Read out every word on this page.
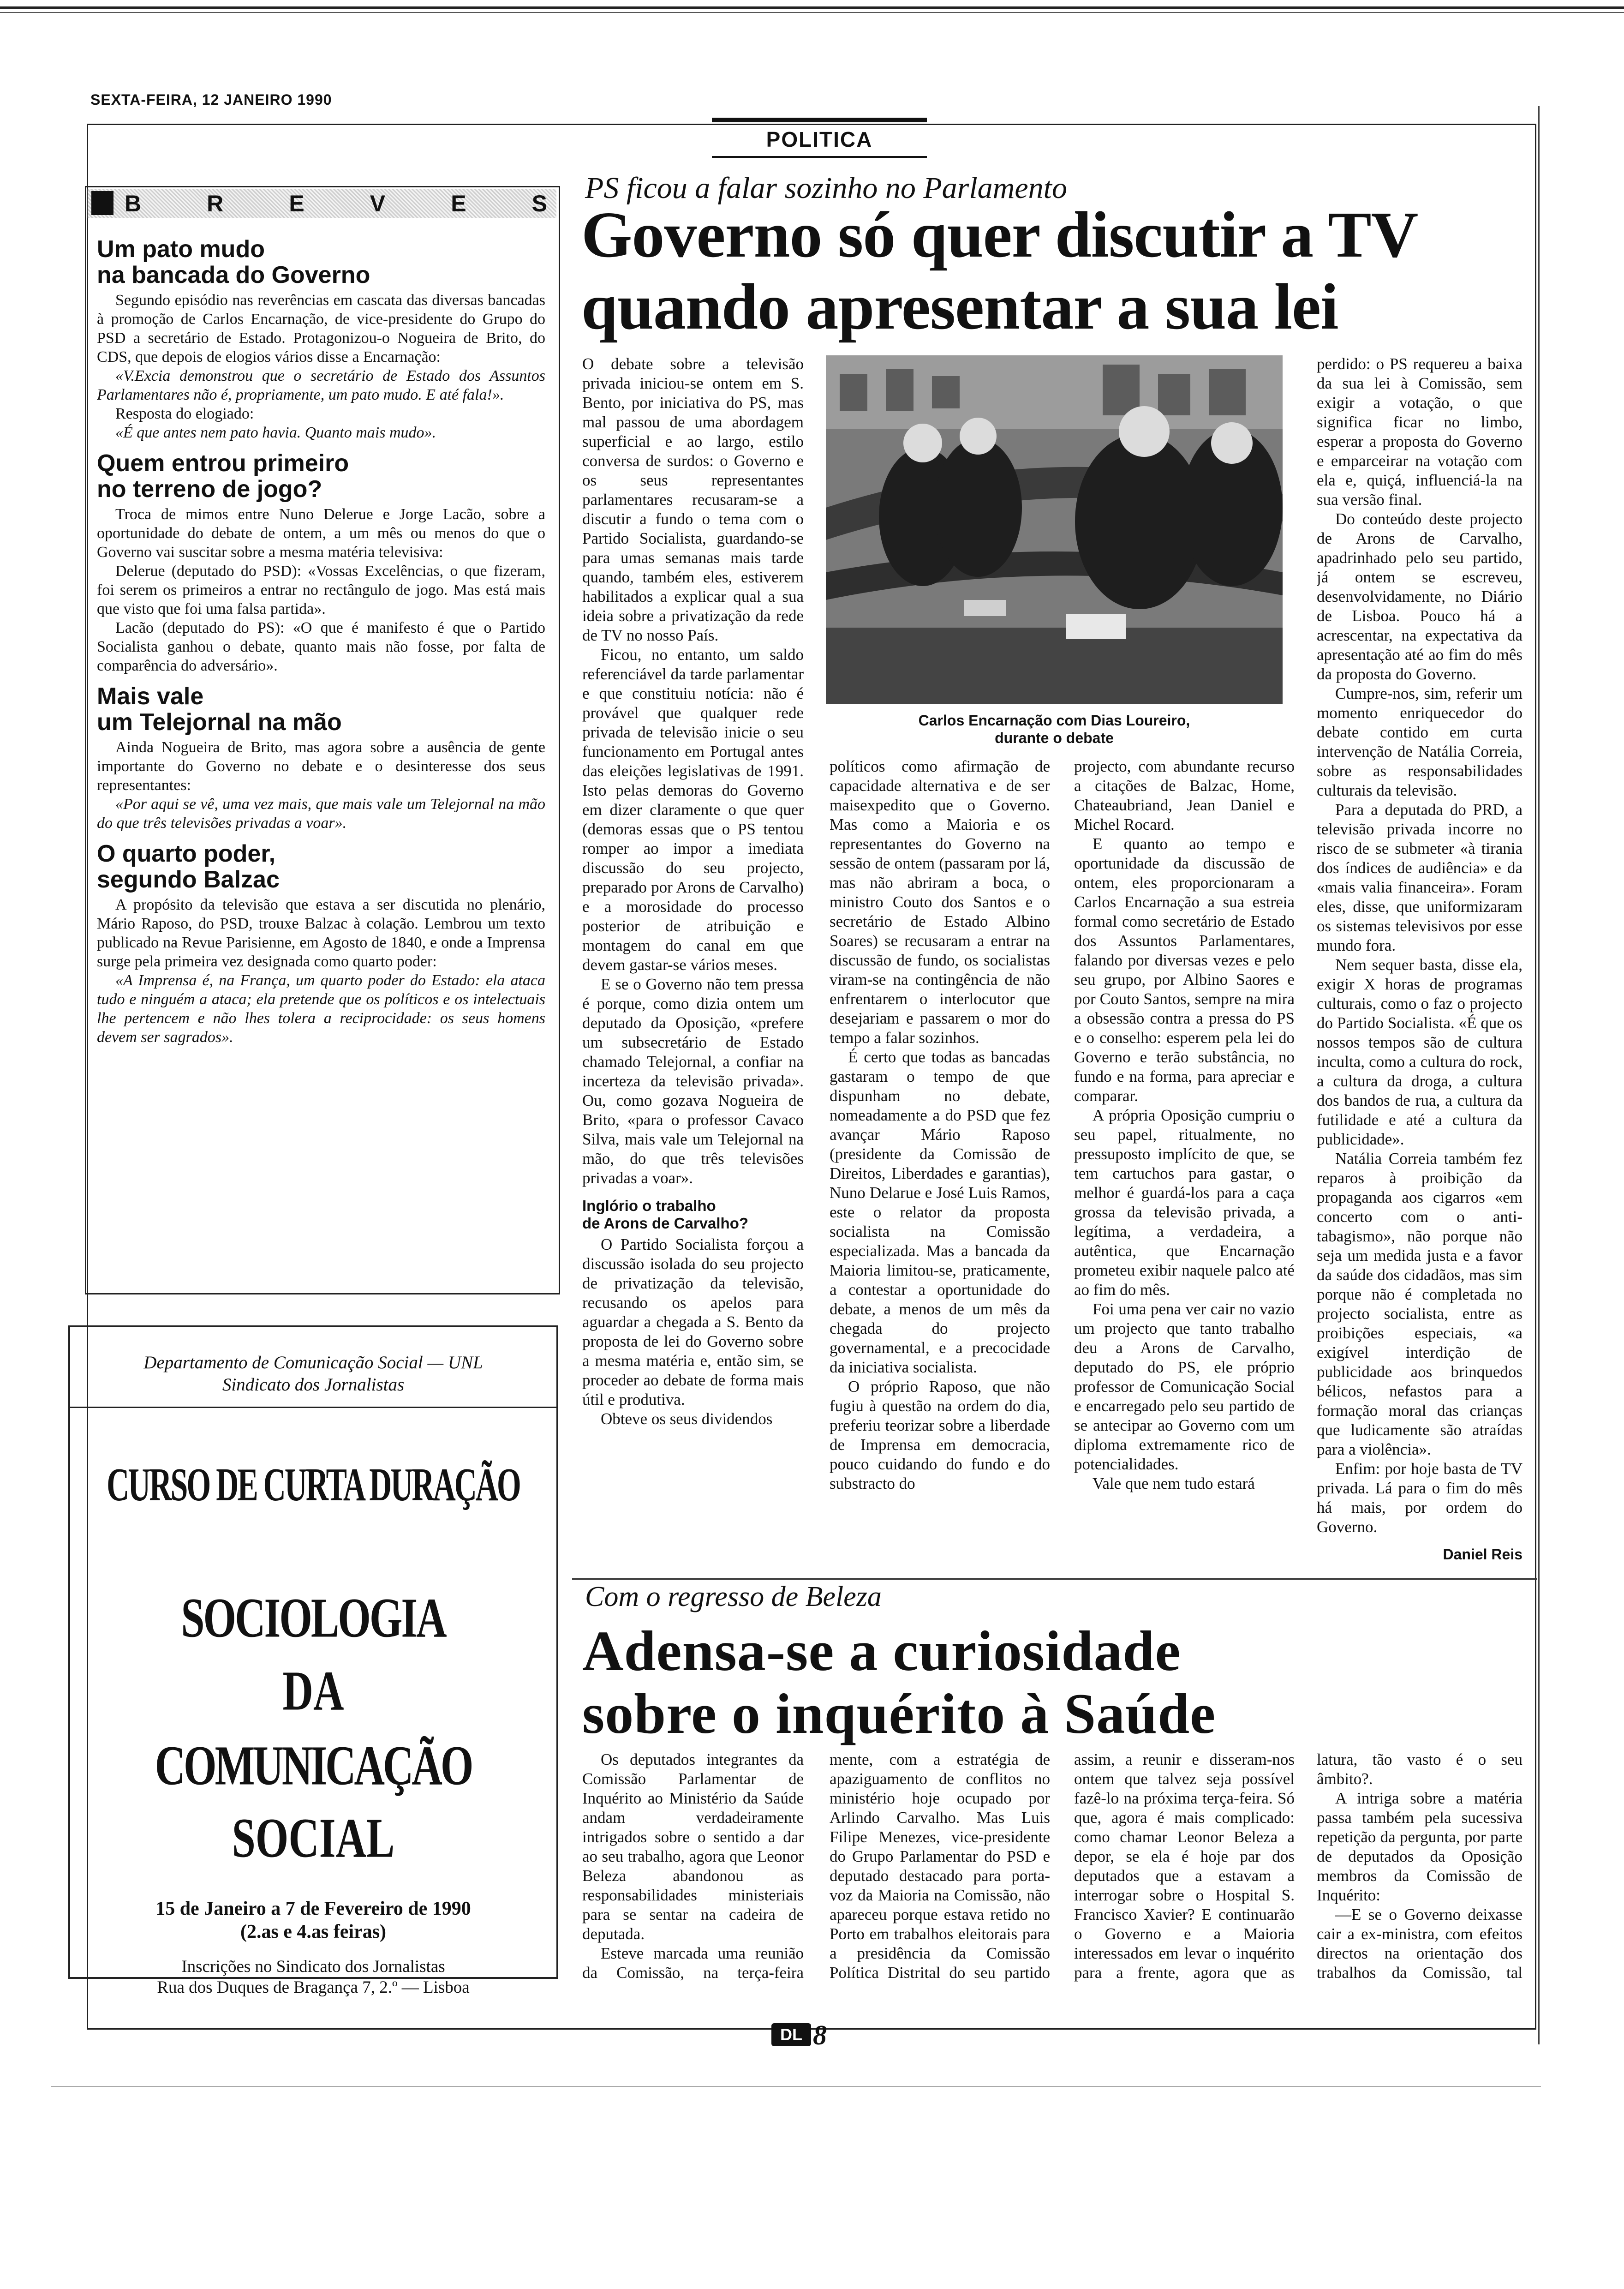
SEXTA-FEIRA, 12 JANEIRO 1990
POLITICA
B	R	E	V	E	S
Um pato mudo
na bancada do Governo

Segundo episódio nas reverências em cascata das diversas bancadas à promoção de Carlos Encarnação, de vice-presidente do Grupo do PSD a secretário de Estado. Protagonizou-o Nogueira de Brito, do CDS, que depois de elogios vários disse a Encarnação:

«V.Excia demonstrou que o secretário de Estado dos Assuntos Parlamentares não é, propriamente, um pato mudo. E até fala!».

Resposta do elogiado:

«É que antes nem pato havia. Quanto mais mudo».

Quem entrou primeiro
no terreno de jogo?

Troca de mimos entre Nuno Delerue e Jorge Lacão, sobre a oportunidade do debate de ontem, a um mês ou menos do que o Governo vai suscitar sobre a mesma matéria televisiva:

Delerue (deputado do PSD): «Vossas Excelências, o que fizeram, foi serem os primeiros a entrar no rectângulo de jogo. Mas está mais que visto que foi uma falsa partida».

Lacão (deputado do PS): «O que é manifesto é que o Partido Socialista ganhou o debate, quanto mais não fosse, por falta de comparência do adversário».

Mais vale
um Telejornal na mão

Ainda Nogueira de Brito, mas agora sobre a ausência de gente importante do Governo no debate e o desinteresse dos seus representantes:

«Por aqui se vê, uma vez mais, que mais vale um Telejornal na mão do que três televisões privadas a voar».

O quarto poder,
segundo Balzac

A propósito da televisão que estava a ser discutida no plenário, Mário Raposo, do PSD, trouxe Balzac à colação. Lembrou um texto publicado na Revue Parisienne, em Agosto de 1840, e onde a Imprensa surge pela primeira vez designada como quarto poder:

«A Imprensa é, na França, um quarto poder do Estado: ela ataca tudo e ninguém a ataca; ela pretende que os políticos e os intelectuais lhe pertencem e não lhes tolera a reciprocidade: os seus homens devem ser sagrados».

Departamento de Comunicação Social — UNL
Sindicato dos Jornalistas
CURSO DE CURTA DURAÇÃO
SOCIOLOGIA
DA
COMUNICAÇÃO
SOCIAL
15 de Janeiro a 7 de Fevereiro de 1990
(2.as e 4.as feiras)
Inscrições no Sindicato dos Jornalistas
Rua dos Duques de Bragança 7, 2.º — Lisboa
PS ficou a falar sozinho no Parlamento
Governo só quer discutir a TV
quando apresentar a sua lei
Carlos Encarnação com Dias Loureiro,
durante o debate

O debate sobre a televisão privada iniciou-se ontem em S. Bento, por iniciativa do PS, mas mal passou de uma abordagem superficial e ao largo, estilo conversa de surdos: o Governo e os seus representantes parlamentares recusaram-se a discutir a fundo o tema com o Partido Socialista, guardando-se para umas semanas mais tarde quando, também eles, estiverem habilitados a explicar qual a sua ideia sobre a privatização da rede de TV no nosso País.

Ficou, no entanto, um saldo referenciável da tarde parlamentar e que constituiu notícia: não é provável que qualquer rede privada de televisão inicie o seu funcionamento em Portugal antes das eleições legislativas de 1991. Isto pelas demoras do Governo em dizer claramente o que quer (demoras essas que o PS tentou romper ao impor a imediata discussão do seu projecto, preparado por Arons de Carvalho) e a morosidade do processo posterior de atribuição e montagem do canal em que devem gastar-se vários meses.

E se o Governo não tem pressa é porque, como dizia ontem um deputado da Oposição, «prefere um subsecretário de Estado chamado Telejornal, a confiar na incerteza da televisão privada». Ou, como gozava Nogueira de Brito, «para o professor Cavaco Silva, mais vale um Telejornal na mão, do que três televisões privadas a voar».

Inglório o trabalho
de Arons de Carvalho?

O Partido Socialista forçou a discussão isolada do seu projecto de privatização da televisão, recusando os apelos para aguardar a chegada a S. Bento da proposta de lei do Governo sobre a mesma matéria e, então sim, se proceder ao debate de forma mais útil e produtiva.

Obteve os seus dividendos

políticos como afirmação de capacidade alternativa e de ser maisexpedito que o Governo. Mas como a Maioria e os representantes do Governo na sessão de ontem (passaram por lá, mas não abriram a boca, o ministro Couto dos Santos e o secretário de Estado Albino Soares) se recusaram a entrar na discussão de fundo, os socialistas viram-se na contingência de não enfrentarem o interlocutor que desejariam e passarem o mor do tempo a falar sozinhos.

É certo que todas as bancadas gastaram o tempo de que dispunham no debate, nomeadamente a do PSD que fez avançar Mário Raposo (presidente da Comissão de Direitos, Liberdades e garantias), Nuno Delarue e José Luis Ramos, este o relator da proposta socialista na Comissão especializada. Mas a bancada da Maioria limitou-se, praticamente, a contestar a oportunidade do debate, a menos de um mês da chegada do projecto governamental, e a precocidade da iniciativa socialista.

O próprio Raposo, que não fugiu à questão na ordem do dia, preferiu teorizar sobre a liberdade de Imprensa em democracia, pouco cuidando do fundo e do substracto do

projecto, com abundante recurso a citações de Balzac, Home, Chateaubriand, Jean Daniel e Michel Rocard.

E quanto ao tempo e oportunidade da discussão de ontem, eles proporcionaram a Carlos Encarnação a sua estreia formal como secretário de Estado dos Assuntos Parlamentares, falando por diversas vezes e pelo seu grupo, por Albino Saores e por Couto Santos, sempre na mira a obsessão contra a pressa do PS e o conselho: esperem pela lei do Governo e terão substância, no fundo e na forma, para apreciar e comparar.

A própria Oposição cumpriu o seu papel, ritualmente, no pressuposto implícito de que, se tem cartuchos para gastar, o melhor é guardá-los para a caça grossa da televisão privada, a legítima, a verdadeira, a autêntica, que Encarnação prometeu exibir naquele palco até ao fim do mês.

Foi uma pena ver cair no vazio um projecto que tanto trabalho deu a Arons de Carvalho, deputado do PS, ele próprio professor de Comunicação Social e encarregado pelo seu partido de se antecipar ao Governo com um diploma extremamente rico de potencialidades.

Vale que nem tudo estará

perdido: o PS requereu a baixa da sua lei à Comissão, sem exigir a votação, o que significa ficar no limbo, esperar a proposta do Governo e emparceirar na votação com ela e, quiçá, influenciá-la na sua versão final.

Do conteúdo deste projecto de Arons de Carvalho, apadrinhado pelo seu partido, já ontem se escreveu, desenvolvidamente, no Diário de Lisboa. Pouco há a acrescentar, na expectativa da apresentação até ao fim do mês da proposta do Governo.

Cumpre-nos, sim, referir um momento enriquecedor do debate contido em curta intervenção de Natália Correia, sobre as responsabilidades culturais da televisão.

Para a deputada do PRD, a televisão privada incorre no risco de se submeter «à tirania dos índices de audiência» e da «mais valia financeira». Foram eles, disse, que uniformizaram os sistemas televisivos por esse mundo fora.

Nem sequer basta, disse ela, exigir X horas de programas culturais, como o faz o projecto do Partido Socialista. «É que os nossos tempos são de cultura inculta, como a cultura do rock, a cultura da droga, a cultura dos bandos de rua, a cultura da futilidade e até a cultura da publicidade».

Natália Correia também fez reparos à proibição da propaganda aos cigarros «em concerto com o anti-tabagismo», não porque não seja um medida justa e a favor da saúde dos cidadãos, mas sim porque não é completada no projecto socialista, entre as proibições especiais, «a exigível interdição de publicidade aos brinquedos bélicos, nefastos para a formação moral das crianças que ludicamente são atraídas para a violência».

Enfim: por hoje basta de TV privada. Lá para o fim do mês há mais, por ordem do Governo.

Daniel Reis
Com o regresso de Beleza
Adensa-se a curiosidade
sobre o inquérito à Saúde

Os deputados integrantes da Comissão Parlamentar de Inquérito ao Ministério da Saúde andam verdadeiramente intrigados sobre o sentido a dar ao seu trabalho, agora que Leonor Beleza abandonou as responsabilidades ministeriais para se sentar na cadeira de deputada.

Esteve marcada uma reunião da Comissão, na terça-feira

mente, com a estratégia de apaziguamento de conflitos no ministério hoje ocupado por Arlindo Carvalho. Mas Luis Filipe Menezes, vice-presidente do Grupo Parlamentar do PSD e deputado destacado para porta-voz da Maioria na Comissão, não apareceu porque estava retido no Porto em trabalhos eleitorais para a presidência da Comissão Política Distrital do seu partido

assim, a reunir e disseram-nos ontem que talvez seja possível fazê-lo na próxima terça-feira. Só que, agora é mais complicado: como chamar Leonor Beleza a depor, se ela é hoje par dos deputados que a estavam a interrogar sobre o Hospital S. Francisco Xavier? E continuarão o Governo e a Maioria interessados em levar o inquérito para a frente, agora que as

latura, tão vasto é o seu âmbito?.

A intriga sobre a matéria passa também pela sucessiva repetição da pergunta, por parte de deputados da Oposição membros da Comissão de Inquérito:

—E se o Governo deixasse cair a ex-ministra, com efeitos directos na orientação dos trabalhos da Comissão, tal

DL 8
